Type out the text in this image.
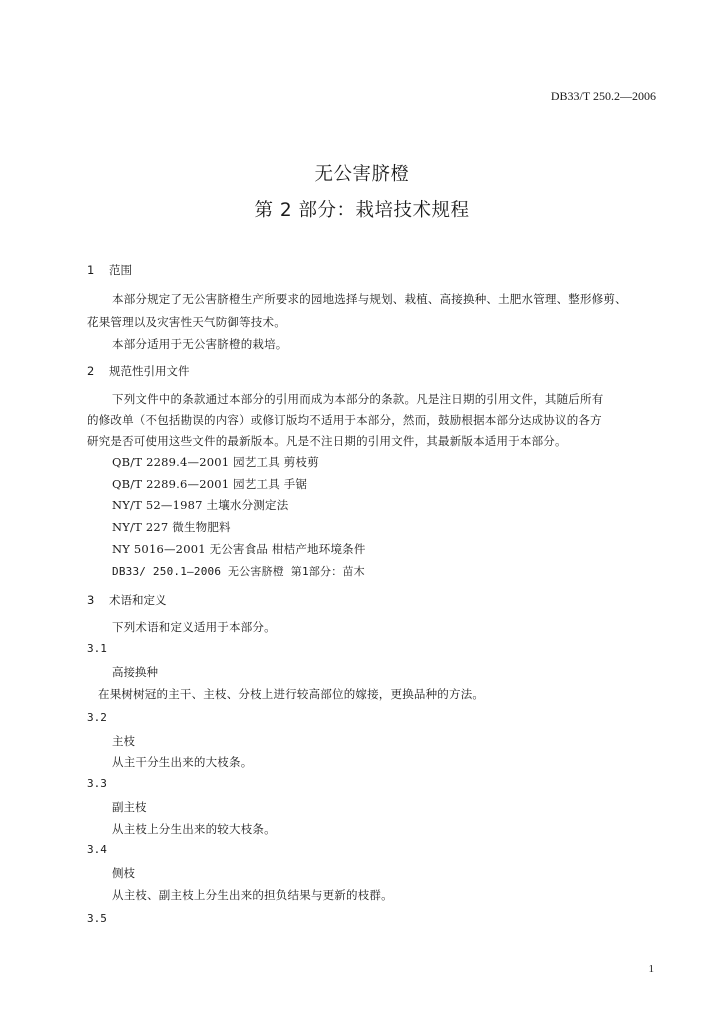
DB33/T 250.2—2006
无公害脐橙
第 2 部分：栽培技术规程
1 范围
本部分规定了无公害脐橙生产所要求的园地选择与规划、栽植、高接换种、土肥水管理、整形修剪、
花果管理以及灾害性天气防御等技术。
本部分适用于无公害脐橙的栽培。
2 规范性引用文件
下列文件中的条款通过本部分的引用而成为本部分的条款。凡是注日期的引用文件，其随后所有
的修改单（不包括勘误的内容）或修订版均不适用于本部分，然而，鼓励根据本部分达成协议的各方
研究是否可使用这些文件的最新版本。凡是不注日期的引用文件，其最新版本适用于本部分。
QB/T 2289.4—2001 园艺工具 剪枝剪
QB/T 2289.6—2001 园艺工具 手锯
NY/T 52—1987 土壤水分测定法
NY/T 227 微生物肥料
NY 5016—2001 无公害食品 柑桔产地环境条件
DB33/ 250.1—2006 无公害脐橙 第1部分：苗木
3 术语和定义
下列术语和定义适用于本部分。
3.1
高接换种
在果树树冠的主干、主枝、分枝上进行较高部位的嫁接，更换品种的方法。
3.2
主枝
从主干分生出来的大枝条。
3.3
副主枝
从主枝上分生出来的较大枝条。
3.4
侧枝
从主枝、副主枝上分生出来的担负结果与更新的枝群。
3.5
1
